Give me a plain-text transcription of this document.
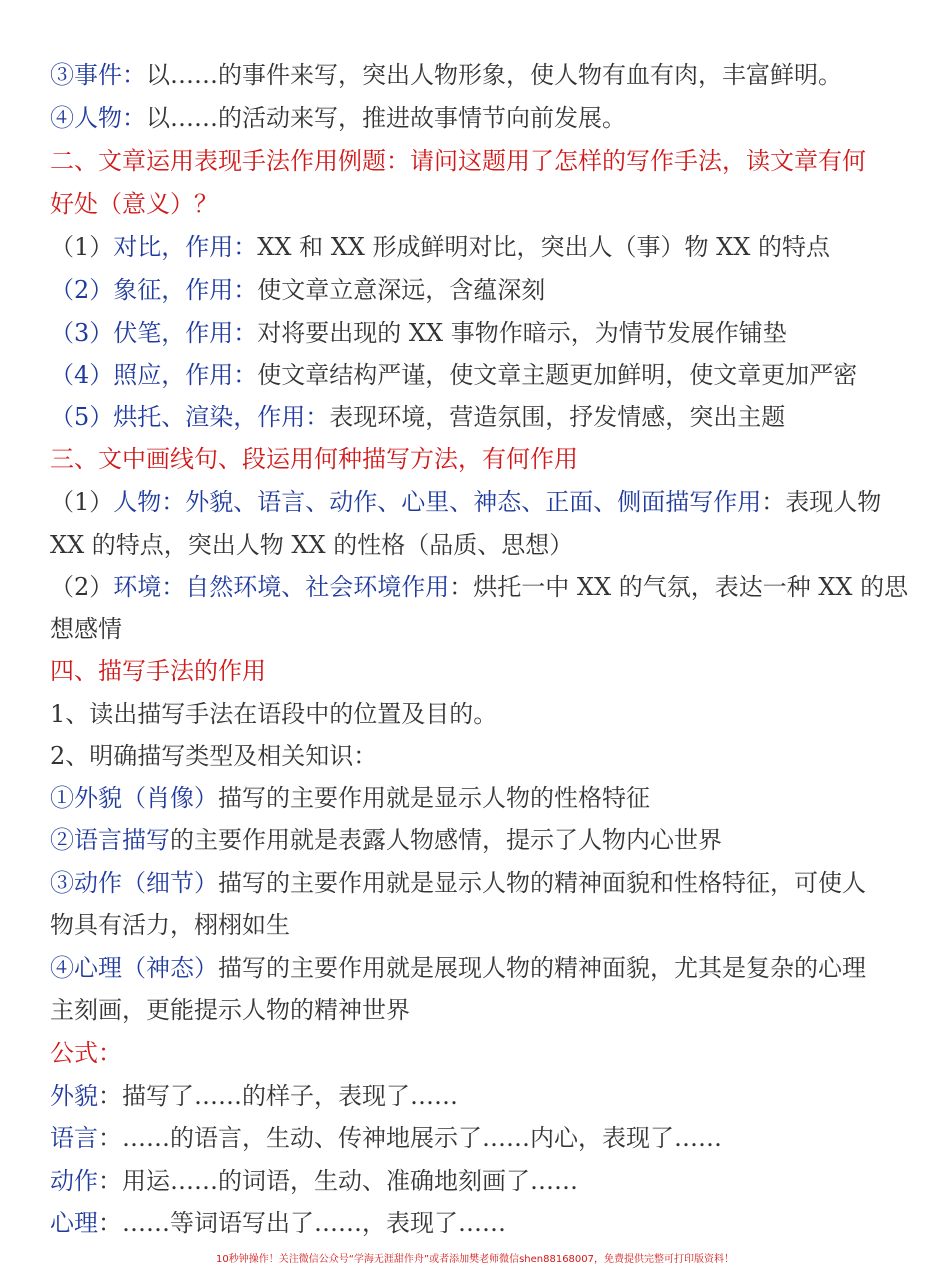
③事件：以……的事件来写，突出人物形象，使人物有血有肉，丰富鲜明。
④人物：以……的活动来写，推进故事情节向前发展。
二、文章运用表现手法作用例题：请问这题用了怎样的写作手法，读文章有何
好处（意义）？
（1）对比，作用：XX 和 XX 形成鲜明对比，突出人（事）物 XX 的特点
（2）象征，作用：使文章立意深远，含蕴深刻
（3）伏笔，作用：对将要出现的 XX 事物作暗示，为情节发展作铺垫
（4）照应，作用：使文章结构严谨，使文章主题更加鲜明，使文章更加严密
（5）烘托、渲染，作用：表现环境，营造氛围，抒发情感，突出主题
三、文中画线句、段运用何种描写方法，有何作用
（1）人物：外貌、语言、动作、心里、神态、正面、侧面描写作用：表现人物
XX 的特点，突出人物 XX 的性格（品质、思想）
（2）环境：自然环境、社会环境作用：烘托一中 XX 的气氛，表达一种 XX 的思
想感情
四、描写手法的作用
1、读出描写手法在语段中的位置及目的。
2、明确描写类型及相关知识：
①外貌（肖像）描写的主要作用就是显示人物的性格特征
②语言描写的主要作用就是表露人物感情，提示了人物内心世界
③动作（细节）描写的主要作用就是显示人物的精神面貌和性格特征，可使人
物具有活力，栩栩如生
④心理（神态）描写的主要作用就是展现人物的精神面貌，尤其是复杂的心理
主刻画，更能提示人物的精神世界
公式：
外貌：描写了……的样子，表现了……
语言：……的语言，生动、传神地展示了……内心，表现了……
动作：用运……的词语，生动、准确地刻画了……
心理：……等词语写出了……，表现了……
10秒钟操作！关注微信公众号“学海无涯甜作舟”或者添加樊老师微信shen88168007，免费提供完整可打印版资料！
